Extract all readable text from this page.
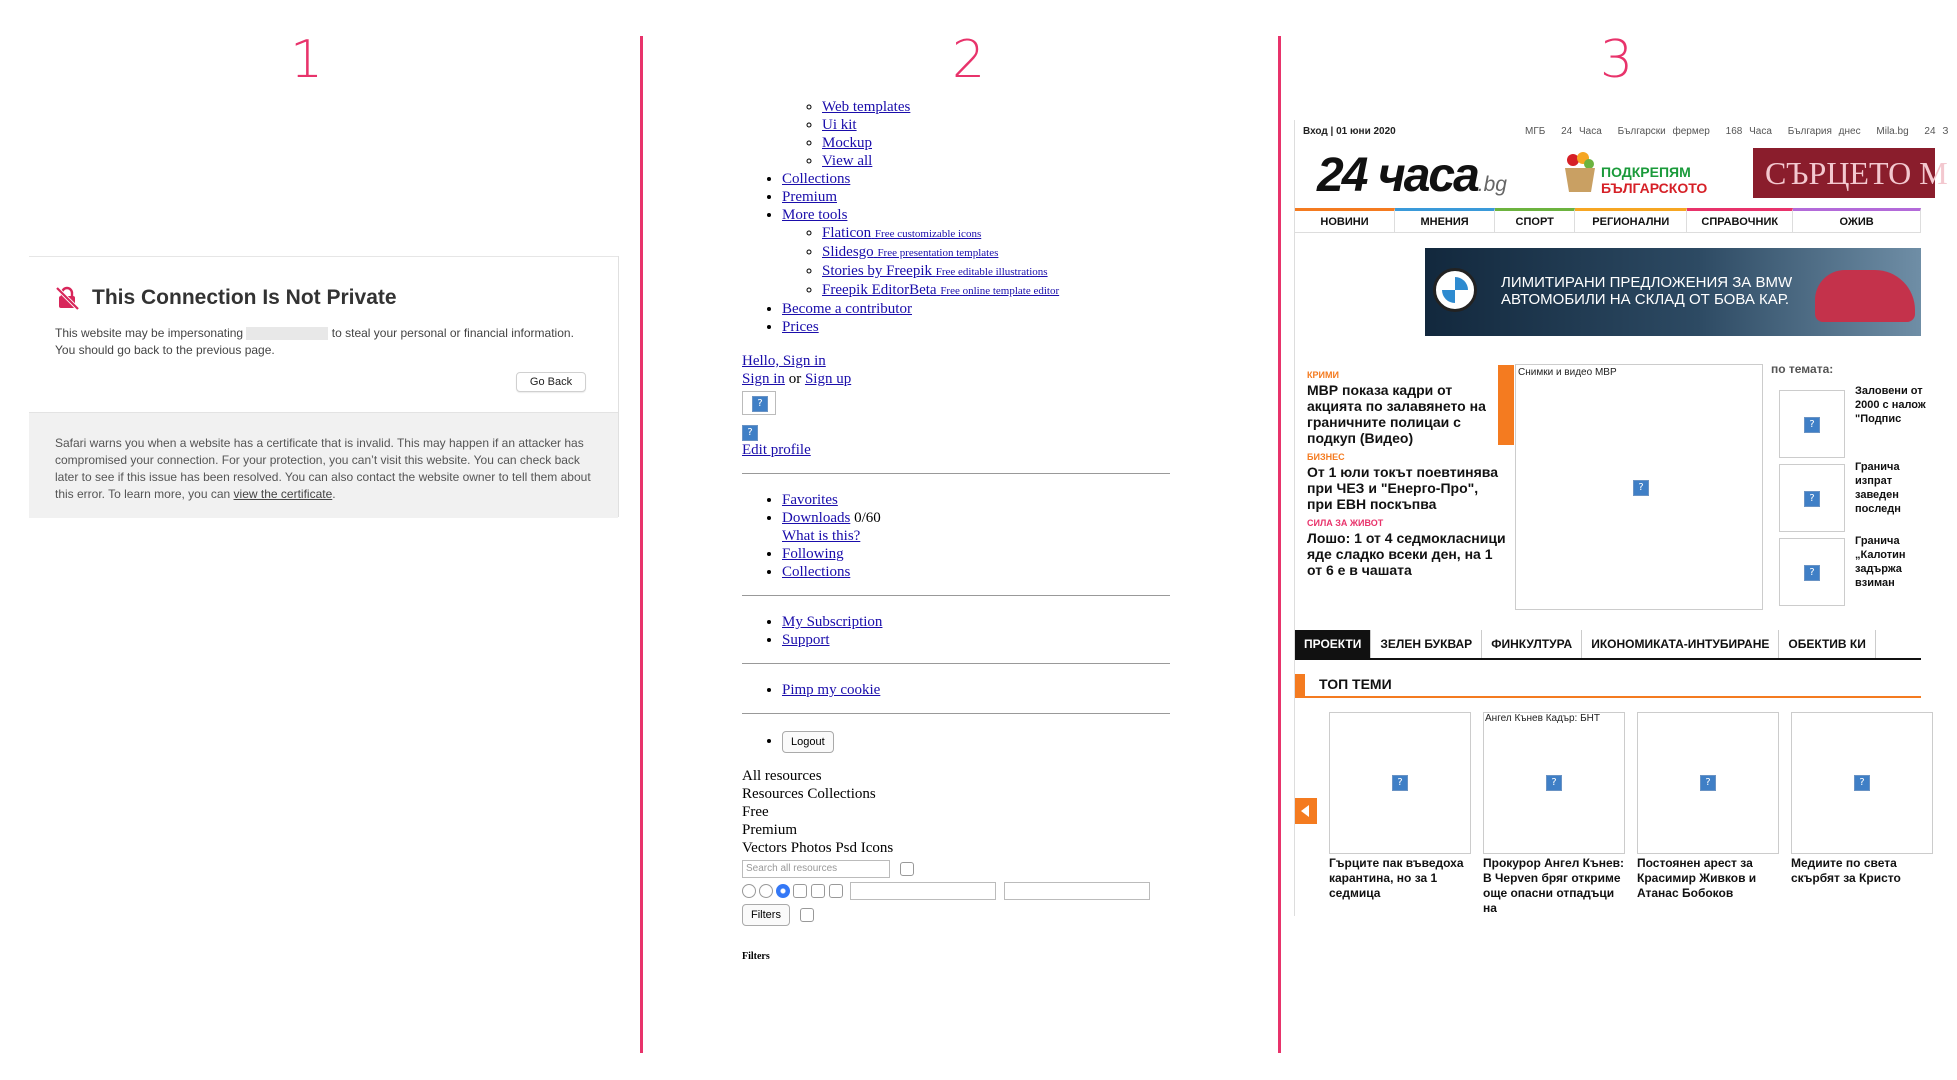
1	2	3
This Connection Is Not Private
This website may be impersonating	to steal your personal or financial information. You should go back to the previous page.
Go Back
Safari warns you when a website has a certificate that is invalid. This may happen if an attacker has compromised your connection. For your protection, you can’t visit this website. You can check back later to see if this issue has been resolved. You can also contact the website owner to tell them about this error. To learn more, you can view the certificate.
◦ Web templates
◦ Ui kit
◦ Mockup
◦ View all
• Collections
• Premium
• More tools
◦ Flaticon Free customizable icons
◦ Slidesgo Free presentation templates
◦ Stories by Freepik Free editable illustrations
◦ Freepik EditorBeta Free online template editor
• Become a contributor
• Prices
Hello, Sign in
Sign in or Sign up
?
?
Edit profile
• Favorites
• Downloads 0/60
What is this?
• Following
• Collections
• My Subscription
• Support
• Pimp my cookie
• Logout
All resources
Resources Collections
Free
Premium
Vectors Photos Psd Icons
Search all resources

Filters
Filters
Вход | 01 юни 2020	МГБ 24 Часа Български фермер 168 Часа България днес Mila.bg 24 З
24 часа.bg
ПОДКРЕПЯМ
БЪЛГАРСКОТО	СЪРЦЕТО М
НОВИНИ	МНЕНИЯ	СПОРТ	РЕГИОНАЛНИ	СПРАВОЧНИК	ОЖИВ
ЛИМИТИРАНИ ПРЕДЛОЖЕНИЯ ЗА BMW АВТОМОБИЛИ НА СКЛАД ОТ БОВА КАР.
КРИМИ
МВР показа кадри от акцията по залавянето на граничните полицаи с подкуп (Видео)
БИЗНЕС
От 1 юли токът поевтинява при ЧЕЗ и "Енерго-Про", при ЕВН поскъпва
СИЛА ЗА ЖИВОТ
Лошо: 1 от 4 седмокласници яде сладко всеки ден, на 1 от 6 е в чашата
Снимки и видео МВР
?
по темата:
?
Заловени от 2000 с налож "Подпис
?
Гранича изпрат заведен последн
?
Гранича „Калотин задържа взиман
ПРОЕКТИ	ЗЕЛЕН БУКВАР	ФИНКУЛТУРА	ИКОНОМИКАТА-ИНТУБИРАНЕ	ОБЕКТИВ КИ
ТОП ТЕМИ
?
Ангел Кънев Кадър: БНТ
?	?	?
Гърците пак въведоха карантина, но за 1 седмица
Прокурор Ангел Кънев: В Черven бряг откриме още опасни отпадъци на
Постоянен арест за Красимир Живков и Атанас Бобоков
Медиите по света скърбят за Кристо
